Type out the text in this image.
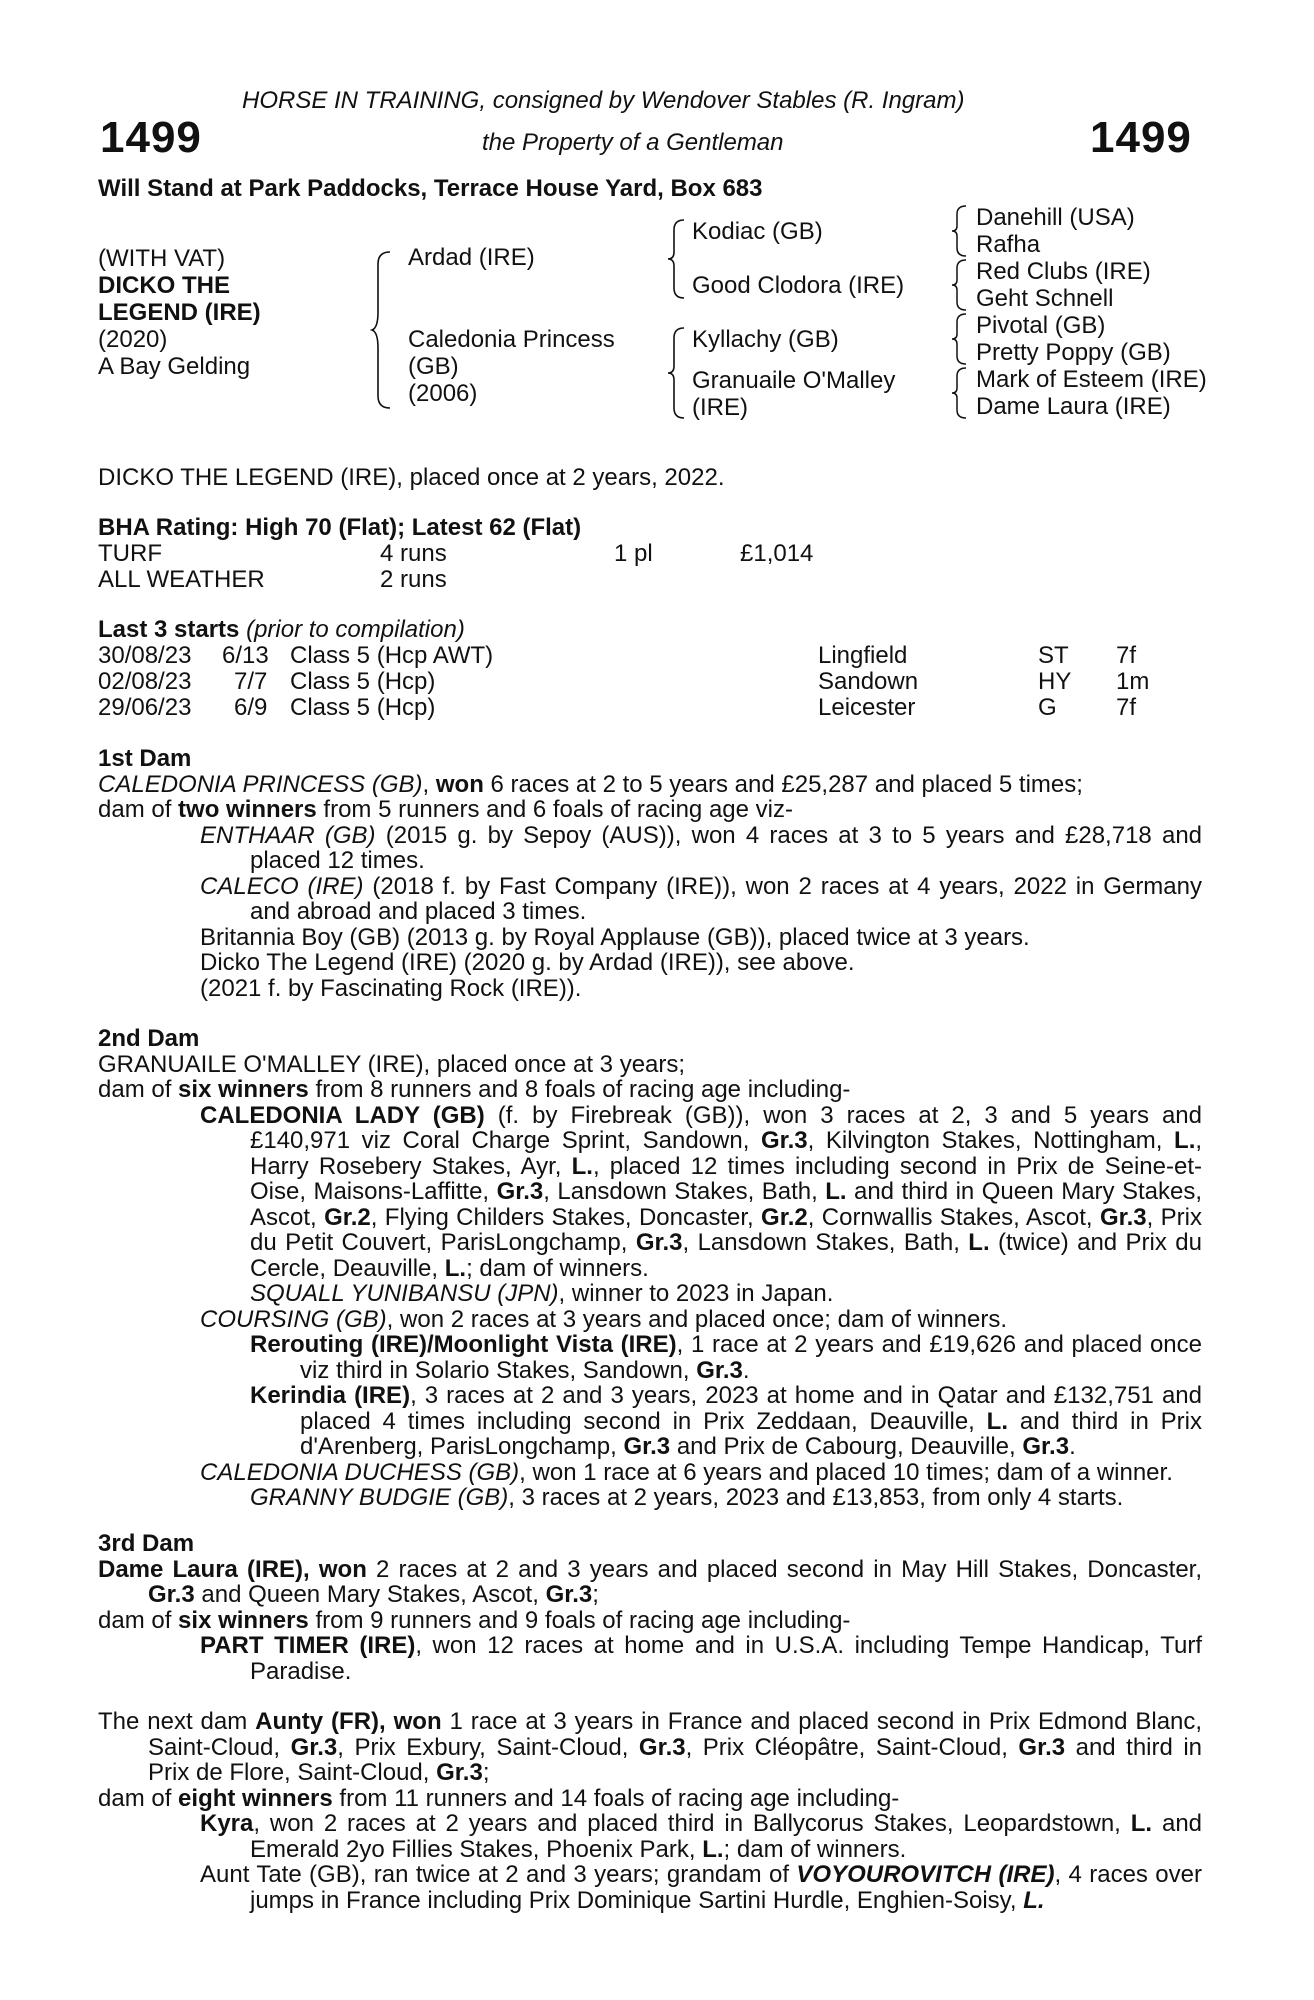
HORSE IN TRAINING, consigned by Wendover Stables (R. Ingram)
1499	the Property of a Gentleman	1499
Will Stand at Park Paddocks, Terrace House Yard, Box 683
(WITH VAT)
DICKO THE
LEGEND (IRE)
(2020)
A Bay Gelding
Ardad (IRE)
Caledonia Princess
(GB)
(2006)
Kodiac (GB)
Good Clodora (IRE)
Kyllachy (GB)
Granuaile O'Malley
(IRE)
Danehill (USA)
Rafha
Red Clubs (IRE)
Geht Schnell
Pivotal (GB)
Pretty Poppy (GB)
Mark of Esteem (IRE)
Dame Laura (IRE)
DICKO THE LEGEND (IRE), placed once at 2 years, 2022.
BHA Rating: High 70 (Flat); Latest 62 (Flat)
TURF	4 runs	1 pl	£1,014
ALL WEATHER	2 runs
Last 3 starts (prior to compilation)
30/08/23 6/13 Class 5 (Hcp AWT)	Lingfield	ST 7f
02/08/23 7/7 Class 5 (Hcp)	Sandown	HY 1m
29/06/23 6/9 Class 5 (Hcp)	Leicester	G 7f

1st Dam

CALEDONIA PRINCESS (GB), won 6 races at 2 to 5 years and £25,287 and placed 5 times;

dam of two winners from 5 runners and 6 foals of racing age viz-

ENTHAAR (GB) (2015 g. by Sepoy (AUS)), won 4 races at 3 to 5 years and £28,718 and placed 12 times.

CALECO (IRE) (2018 f. by Fast Company (IRE)), won 2 races at 4 years, 2022 in Germany and abroad and placed 3 times.

Britannia Boy (GB) (2013 g. by Royal Applause (GB)), placed twice at 3 years.

Dicko The Legend (IRE) (2020 g. by Ardad (IRE)), see above.

(2021 f. by Fascinating Rock (IRE)).

2nd Dam

GRANUAILE O'MALLEY (IRE), placed once at 3 years;

dam of six winners from 8 runners and 8 foals of racing age including-

CALEDONIA LADY (GB) (f. by Firebreak (GB)), won 3 races at 2, 3 and 5 years and £140,971 viz Coral Charge Sprint, Sandown, Gr.3, Kilvington Stakes, Nottingham, L., Harry Rosebery Stakes, Ayr, L., placed 12 times including second in Prix de Seine-et-Oise, Maisons-Laffitte, Gr.3, Lansdown Stakes, Bath, L. and third in Queen Mary Stakes, Ascot, Gr.2, Flying Childers Stakes, Doncaster, Gr.2, Cornwallis Stakes, Ascot, Gr.3, Prix du Petit Couvert, ParisLongchamp, Gr.3, Lansdown Stakes, Bath, L. (twice) and Prix du Cercle, Deauville, L.; dam of winners.

SQUALL YUNIBANSU (JPN), winner to 2023 in Japan.

COURSING (GB), won 2 races at 3 years and placed once; dam of winners.

Rerouting (IRE)/Moonlight Vista (IRE), 1 race at 2 years and £19,626 and placed once viz third in Solario Stakes, Sandown, Gr.3.

Kerindia (IRE), 3 races at 2 and 3 years, 2023 at home and in Qatar and £132,751 and placed 4 times including second in Prix Zeddaan, Deauville, L. and third in Prix d'Arenberg, ParisLongchamp, Gr.3 and Prix de Cabourg, Deauville, Gr.3.

CALEDONIA DUCHESS (GB), won 1 race at 6 years and placed 10 times; dam of a winner.

GRANNY BUDGIE (GB), 3 races at 2 years, 2023 and £13,853, from only 4 starts.

3rd Dam

Dame Laura (IRE), won 2 races at 2 and 3 years and placed second in May Hill Stakes, Doncaster, Gr.3 and Queen Mary Stakes, Ascot, Gr.3;

dam of six winners from 9 runners and 9 foals of racing age including-

PART TIMER (IRE), won 12 races at home and in U.S.A. including Tempe Handicap, Turf Paradise.

The next dam Aunty (FR), won 1 race at 3 years in France and placed second in Prix Edmond Blanc, Saint-Cloud, Gr.3, Prix Exbury, Saint-Cloud, Gr.3, Prix Cléopâtre, Saint-Cloud, Gr.3 and third in Prix de Flore, Saint-Cloud, Gr.3;

dam of eight winners from 11 runners and 14 foals of racing age including-

Kyra, won 2 races at 2 years and placed third in Ballycorus Stakes, Leopardstown, L. and Emerald 2yo Fillies Stakes, Phoenix Park, L.; dam of winners.

Aunt Tate (GB), ran twice at 2 and 3 years; grandam of VOYOUROVITCH (IRE), 4 races over jumps in France including Prix Dominique Sartini Hurdle, Enghien-Soisy, L.
